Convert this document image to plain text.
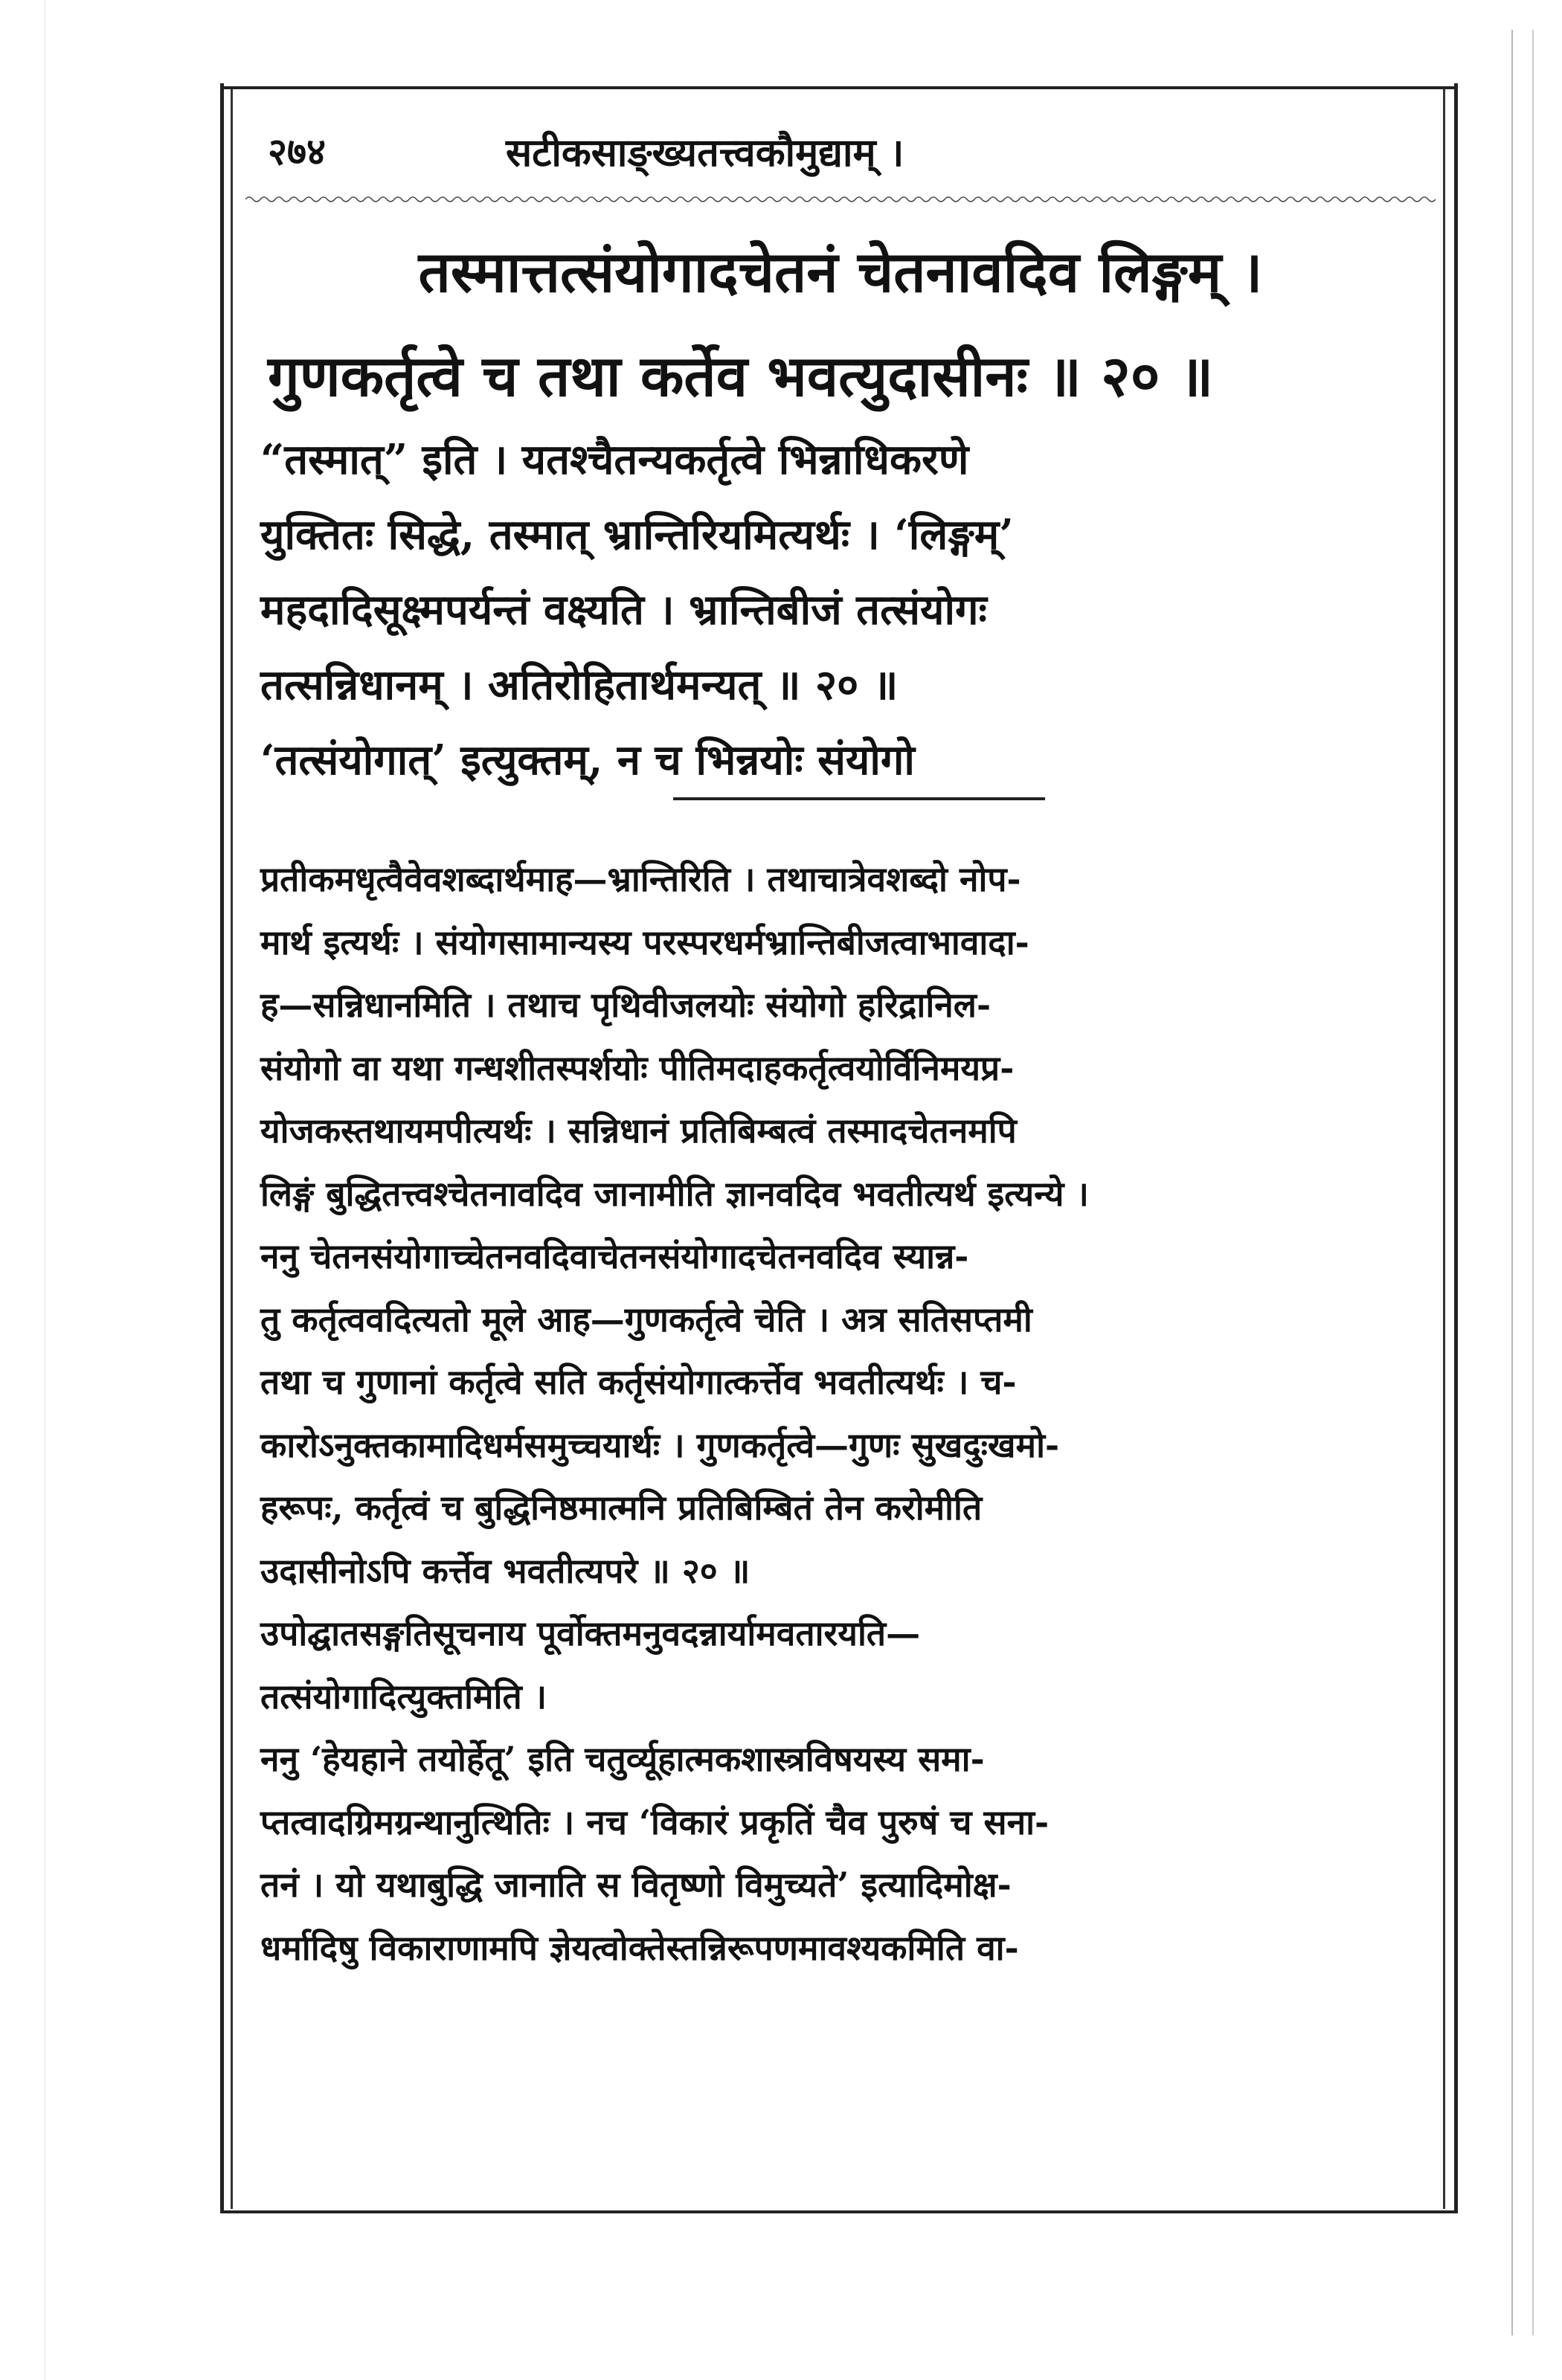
२७४	सटीकसाङ्ख्यतत्त्वकौमुद्याम् ।
तस्मात्तत्संयोगादचेतनं चेतनावदिव लिङ्गम् ।
गुणकर्तृत्वे च तथा कर्तेव भवत्युदासीनः ॥ २० ॥
“तस्मात्” इति । यतश्चैतन्यकर्तृत्वे भिन्नाधिकरणे
युक्तितः सिद्धे, तस्मात् भ्रान्तिरियमित्यर्थः । ‘लिङ्गम्’
महदादिसूक्ष्मपर्यन्तं वक्ष्यति । भ्रान्तिबीजं तत्संयोगः
तत्सन्निधानम् । अतिरोहितार्थमन्यत् ॥ २० ॥
‘तत्संयोगात्’ इत्युक्तम्, न च भिन्नयोः संयोगो
प्रतीकमधृत्वैवेवशब्दार्थमाह—भ्रान्तिरिति । तथाचात्रेवशब्दो नोप-
मार्थ इत्यर्थः । संयोगसामान्यस्य परस्परधर्मभ्रान्तिबीजत्वाभावादा-
ह—सन्निधानमिति । तथाच पृथिवीजलयोः संयोगो हरिद्रानिल-
संयोगो वा यथा गन्धशीतस्पर्शयोः पीतिमदाहकर्तृत्वयोर्विनिमयप्र-
योजकस्तथायमपीत्यर्थः । सन्निधानं प्रतिबिम्बत्वं तस्मादचेतनमपि
लिङ्गं बुद्धितत्त्वश्चेतनावदिव जानामीति ज्ञानवदिव भवतीत्यर्थ इत्यन्ये ।
ननु चेतनसंयोगाच्चेतनवदिवाचेतनसंयोगादचेतनवदिव स्यान्न-
तु कर्तृत्ववदित्यतो मूले आह—गुणकर्तृत्वे चेति । अत्र सतिसप्तमी
तथा च गुणानां कर्तृत्वे सति कर्तृसंयोगात्कर्त्तेव भवतीत्यर्थः । च-
कारोऽनुक्तकामादिधर्मसमुच्चयार्थः । गुणकर्तृत्वे—गुणः सुखदुःखमो-
हरूपः, कर्तृत्वं च बुद्धिनिष्ठमात्मनि प्रतिबिम्बितं तेन करोमीति
उदासीनोऽपि कर्त्तेव भवतीत्यपरे ॥ २० ॥
उपोद्घातसङ्गतिसूचनाय पूर्वोक्तमनुवदन्नार्यामवतारयति—
तत्संयोगादित्युक्तमिति ।
ननु ‘हेयहाने तयोर्हेतू’ इति चतुर्व्यूहात्मकशास्त्रविषयस्य समा-
प्तत्वादग्रिमग्रन्थानुत्थितिः । नच ‘विकारं प्रकृतिं चैव पुरुषं च सना-
तनं । यो यथाबुद्धि जानाति स वितृष्णो विमुच्यते’ इत्यादिमोक्ष-
धर्मादिषु विकाराणामपि ज्ञेयत्वोक्तेस्तन्निरूपणमावश्यकमिति वा-
